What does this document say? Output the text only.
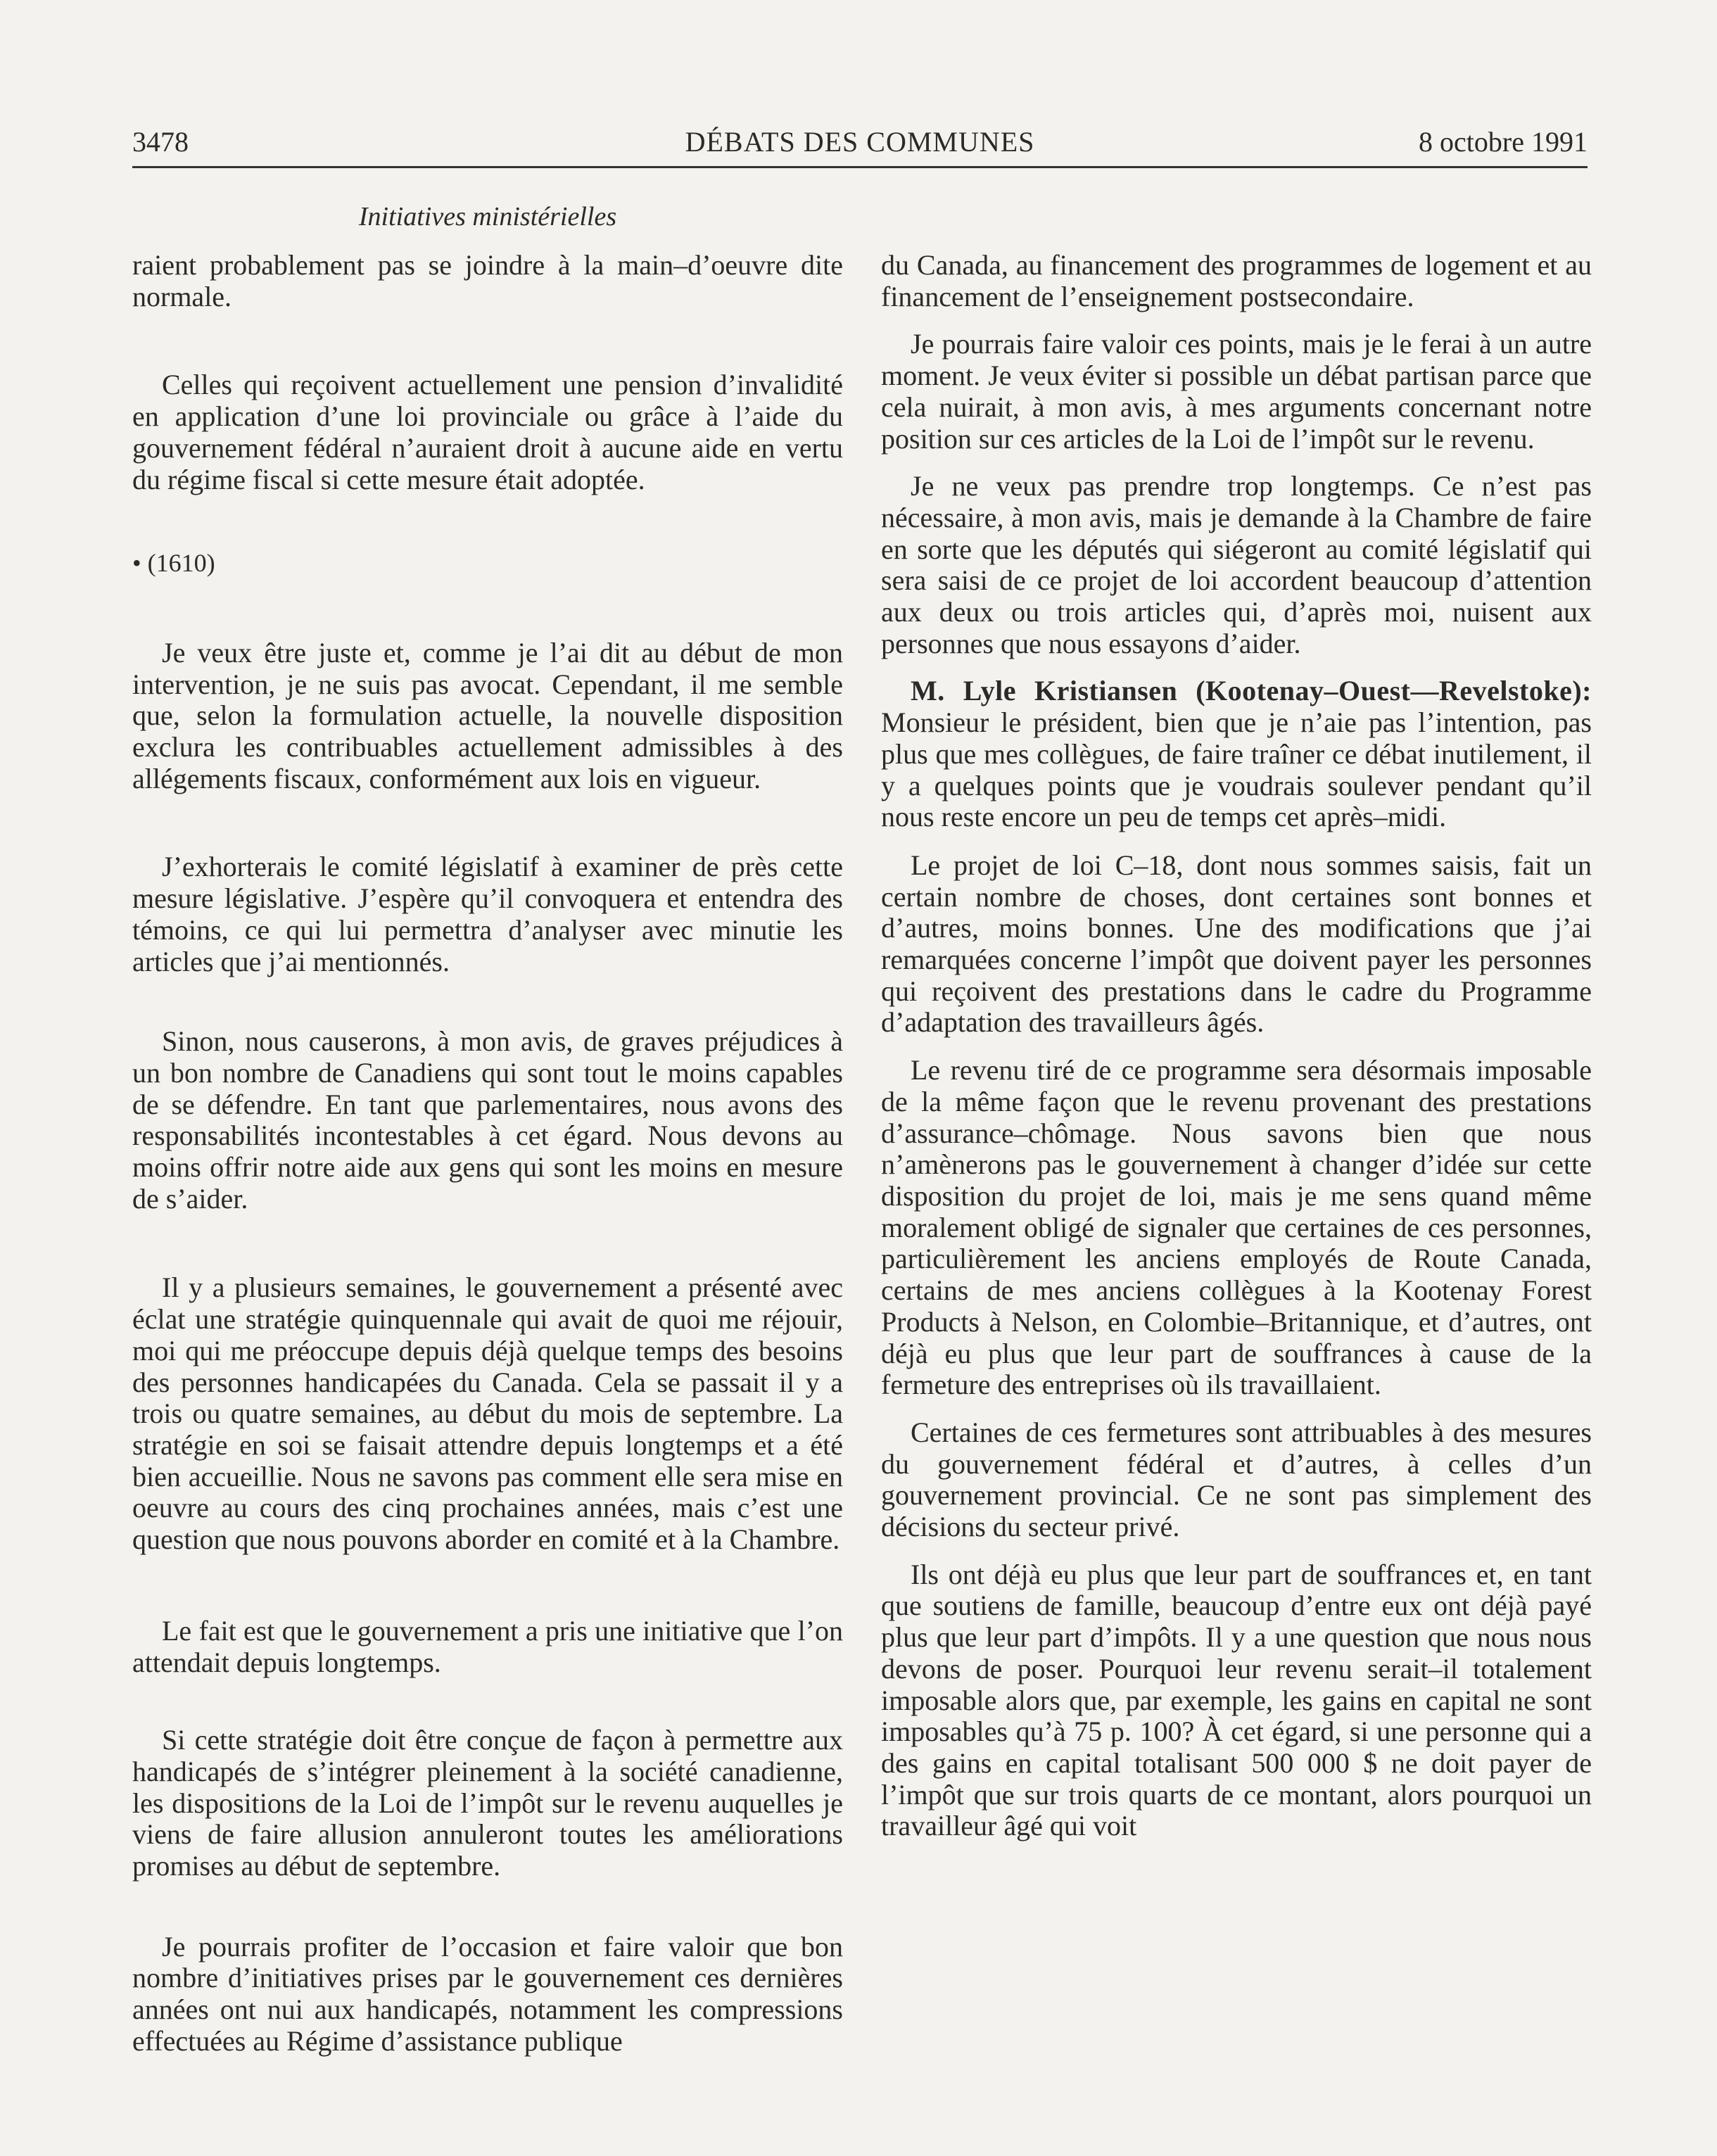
3478	DÉBATS DES COMMUNES	8 octobre 1991
Initiatives ministérielles

raient probablement pas se joindre à la main–d’oeuvre dite normale.

Celles qui reçoivent actuellement une pension d’invalidité en application d’une loi provinciale ou grâce à l’aide du gouvernement fédéral n’auraient droit à aucune aide en vertu du régime fiscal si cette mesure était adoptée.

• (1610)

Je veux être juste et, comme je l’ai dit au début de mon intervention, je ne suis pas avocat. Cependant, il me semble que, selon la formulation actuelle, la nouvelle disposition exclura les contribuables actuellement admissibles à des allégements fiscaux, conformément aux lois en vigueur.

J’exhorterais le comité législatif à examiner de près cette mesure législative. J’espère qu’il convoquera et entendra des témoins, ce qui lui permettra d’analyser avec minutie les articles que j’ai mentionnés.

Sinon, nous causerons, à mon avis, de graves préjudices à un bon nombre de Canadiens qui sont tout le moins capables de se défendre. En tant que parlementaires, nous avons des responsabilités incontestables à cet égard. Nous devons au moins offrir notre aide aux gens qui sont les moins en mesure de s’aider.

Il y a plusieurs semaines, le gouvernement a présenté avec éclat une stratégie quinquennale qui avait de quoi me réjouir, moi qui me préoccupe depuis déjà quelque temps des besoins des personnes handicapées du Canada. Cela se passait il y a trois ou quatre semaines, au début du mois de septembre. La stratégie en soi se faisait attendre depuis longtemps et a été bien accueillie. Nous ne savons pas comment elle sera mise en oeuvre au cours des cinq prochaines années, mais c’est une question que nous pouvons aborder en comité et à la Chambre.

Le fait est que le gouvernement a pris une initiative que l’on attendait depuis longtemps.

Si cette stratégie doit être conçue de façon à permettre aux handicapés de s’intégrer pleinement à la société canadienne, les dispositions de la Loi de l’impôt sur le revenu auquelles je viens de faire allusion annuleront toutes les améliorations promises au début de septembre.

Je pourrais profiter de l’occasion et faire valoir que bon nombre d’initiatives prises par le gouvernement ces dernières années ont nui aux handicapés, notamment les compressions effectuées au Régime d’assistance publique

du Canada, au financement des programmes de logement et au financement de l’enseignement postsecondaire.

Je pourrais faire valoir ces points, mais je le ferai à un autre moment. Je veux éviter si possible un débat partisan parce que cela nuirait, à mon avis, à mes arguments concernant notre position sur ces articles de la Loi de l’impôt sur le revenu.

Je ne veux pas prendre trop longtemps. Ce n’est pas nécessaire, à mon avis, mais je demande à la Chambre de faire en sorte que les députés qui siégeront au comité législatif qui sera saisi de ce projet de loi accordent beaucoup d’attention aux deux ou trois articles qui, d’après moi, nuisent aux personnes que nous essayons d’aider.

M. Lyle Kristiansen (Kootenay–Ouest—Revelstoke): Monsieur le président, bien que je n’aie pas l’intention, pas plus que mes collègues, de faire traîner ce débat inutilement, il y a quelques points que je voudrais soulever pendant qu’il nous reste encore un peu de temps cet après–midi.

Le projet de loi C–18, dont nous sommes saisis, fait un certain nombre de choses, dont certaines sont bonnes et d’autres, moins bonnes. Une des modifications que j’ai remarquées concerne l’impôt que doivent payer les personnes qui reçoivent des prestations dans le cadre du Programme d’adaptation des travailleurs âgés.

Le revenu tiré de ce programme sera désormais imposable de la même façon que le revenu provenant des prestations d’assurance–chômage. Nous savons bien que nous n’amènerons pas le gouvernement à changer d’idée sur cette disposition du projet de loi, mais je me sens quand même moralement obligé de signaler que certaines de ces personnes, particulièrement les anciens employés de Route Canada, certains de mes anciens collègues à la Kootenay Forest Products à Nelson, en Colombie–Britannique, et d’autres, ont déjà eu plus que leur part de souffrances à cause de la fermeture des entreprises où ils travaillaient.

Certaines de ces fermetures sont attribuables à des mesures du gouvernement fédéral et d’autres, à celles d’un gouvernement provincial. Ce ne sont pas simplement des décisions du secteur privé.

Ils ont déjà eu plus que leur part de souffrances et, en tant que soutiens de famille, beaucoup d’entre eux ont déjà payé plus que leur part d’impôts. Il y a une question que nous nous devons de poser. Pourquoi leur revenu serait–il totalement imposable alors que, par exemple, les gains en capital ne sont imposables qu’à 75 p. 100? À cet égard, si une personne qui a des gains en capital totalisant 500 000 $ ne doit payer de l’impôt que sur trois quarts de ce montant, alors pourquoi un travailleur âgé qui voit
